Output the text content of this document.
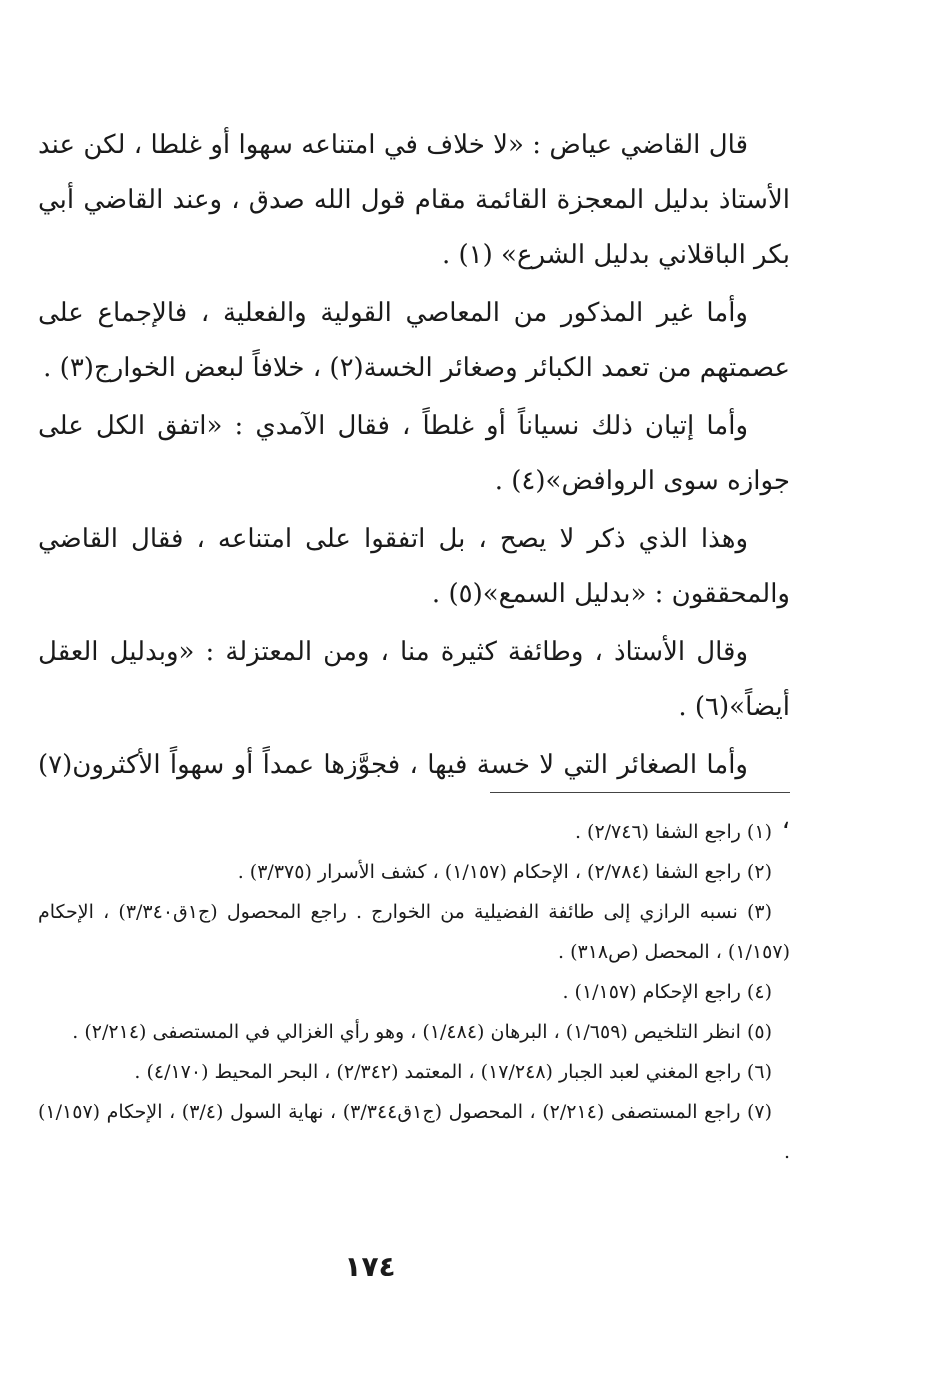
قال القاضي عياض : «لا خلاف في امتناعه سهوا أو غلطا ، لكن عند الأستاذ بدليل المعجزة القائمة مقام قول الله صدق ، وعند القاضي أبي بكر الباقلاني بدليل الشرع» (١) .

وأما غير المذكور من المعاصي القولية والفعلية ، فالإجماع على عصمتهم من تعمد الكبائر وصغائر الخسة(٢) ، خلافاً لبعض الخوارج(٣) .

وأما إتيان ذلك نسياناً أو غلطاً ، فقال الآمدي : «اتفق الكل على جوازه سوى الروافض»(٤) .

وهذا الذي ذكر لا يصح ، بل اتفقوا على امتناعه ، فقال القاضي والمحققون : «بدليل السمع»(٥) .

وقال الأستاذ ، وطائفة كثيرة منا ، ومن المعتزلة : «وبدليل العقل أيضاً»(٦) .

وأما الصغائر التي لا خسة فيها ، فجوَّزها عمداً أو سهواً الأكثرون(٧) ،

(١) راجع الشفا (٢/٧٤٦) .

(٢) راجع الشفا (٢/٧٨٤) ، الإحكام (١/١٥٧) ، كشف الأسرار (٣/٣٧٥) .

(٣) نسبه الرازي إلى طائفة الفضيلية من الخوارج . راجع المحصول (ج١ق٣/٣٤٠) ، الإحكام (١/١٥٧) ، المحصل (ص٣١٨) .

(٤) راجع الإحكام (١/١٥٧) .

(٥) انظر التلخيص (١/٦٥٩) ، البرهان (١/٤٨٤) ، وهو رأي الغزالي في المستصفى (٢/٢١٤) .

(٦) راجع المغني لعبد الجبار (١٧/٢٤٨) ، المعتمد (٢/٣٤٢) ، البحر المحيط (٤/١٧٠) .

(٧) راجع المستصفى (٢/٢١٤) ، المحصول (ج١ق٣/٣٤٤) ، نهاية السول (٣/٤) ، الإحكام (١/١٥٧) .

١٧٤
